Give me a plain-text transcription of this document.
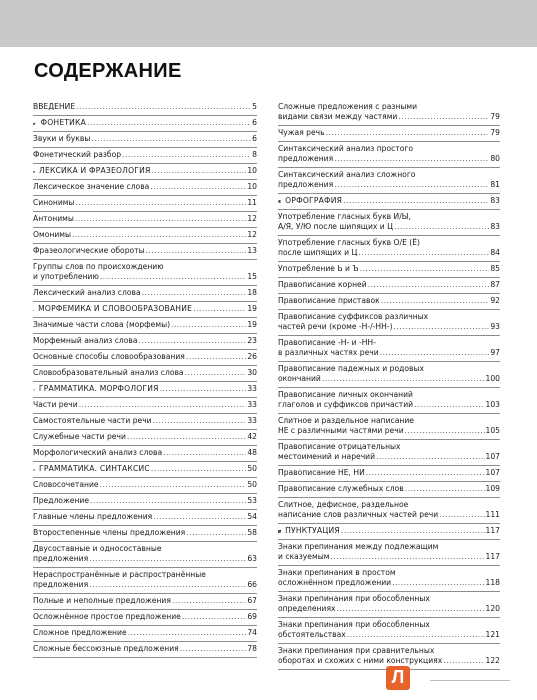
СОДЕРЖАНИЕ
ВВЕДЕНИЕ .....	5
♪ ФОНЕТИКА .....	6
Звуки и буквы .....	6
Фонетический разбор .....	8
ЛЕКСИКА И ФРАЗЕОЛОГИЯ .....	10
Лексическое значение слова .....	10
Синонимы .....	11
Антонимы .....	12
Омонимы .....	12
Фразеологические обороты .....	13
Группы слов по происхождению
и употреблению .....	15
Лексический анализ слова .....	18
МОРФЕМИКА И СЛОВООБРАЗОВАНИЕ .....	19
Значимые части слова (морфемы) .....	19
Морфемный анализ слова .....	23
Основные способы словообразования .....	26
Словообразовательный анализ слова .....	30
ГРАММАТИКА. МОРФОЛОГИЯ .....	33
Части речи .....	33
Самостоятельные части речи .....	33
Служебные части речи .....	42
Морфологический анализ слова .....	48
ГРАММАТИКА. СИНТАКСИС .....	50
Словосочетание .....	50
Предложение .....	53
Главные члены предложения .....	54
Второстепенные члены предложения .....	58
Двусоставные и односоставные
предложения .....	63
Нераспространённые и распространённые
предложения .....	66
Полные и неполные предложения .....	67
Осложнённое простое предложение .....	69
Сложное предложение .....	74
Сложные бессоюзные предложения .....	78
Сложные предложения с разными
видами связи между частями .....	79
Чужая речь .....	79
Синтаксический анализ простого
предложения .....	80
Синтаксический анализ сложного
предложения .....	81
ОРФОГРАФИЯ .....	83
Употребление гласных букв И/Ы,
А/Я, У/Ю после шипящих и Ц .....	83
Употребление гласных букв О/Е (Ё)
после шипящих и Ц .....	84
Употребление Ь и Ъ .....	85
Правописание корней .....	87
Правописание приставок .....	92
Правописание суффиксов различных
частей речи (кроме -Н-/-НН-) .....	93
Правописание -Н- и -НН-
в различных частях речи .....	97
Правописание падежных и родовых
окончаний .....	100
Правописание личных окончаний
глаголов и суффиксов причастий .....	103
Слитное и раздельное написание
НЕ с различными частями речи .....	105
Правописание отрицательных
местоимений и наречий .....	107
Правописание НЕ, НИ .....	107
Правописание служебных слов .....	109
Слитное, дефисное, раздельное
написание слов различных частей речи .....	111
ПУНКТУАЦИЯ .....	117
Знаки препинания между подлежащим
и сказуемым .....	117
Знаки препинания в простом
осложнённом предложении .....	118
Знаки препинания при обособленных
определениях .....	120
Знаки препинания при обособленных
обстоятельствах .....	121
Знаки препинания при сравнительных
оборотах и схожих с ними конструкциях .....	122
Л
